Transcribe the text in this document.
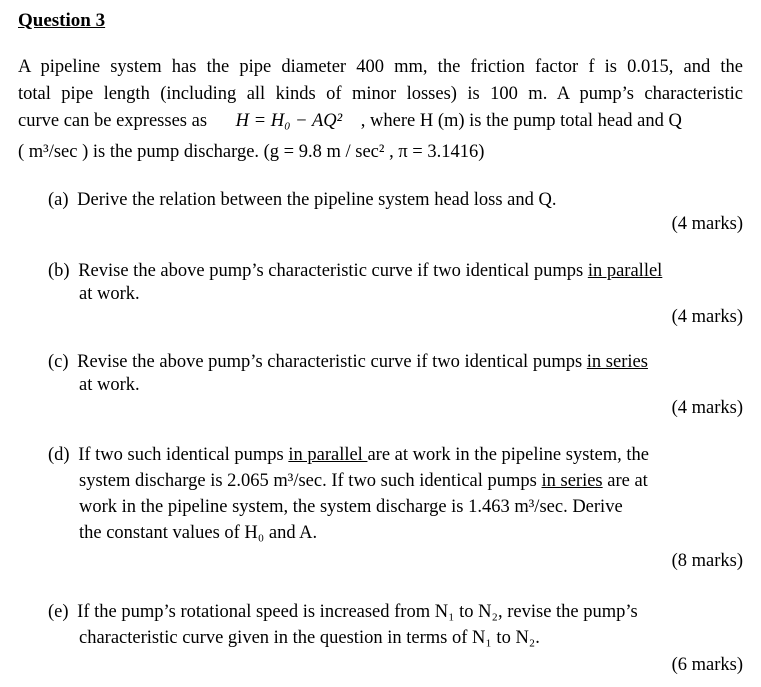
Question 3
A pipeline system has the pipe diameter 400 mm, the friction factor f is 0.015, and the
total pipe length (including all kinds of minor losses) is 100 m. A pump’s characteristic
curve can be expresses as H = H₀ − AQ² , where H (m) is the pump total head and Q
( m³/sec ) is the pump discharge. (g = 9.8 m / sec² , π = 3.1416)
(a) Derive the relation between the pipeline system head loss and Q.
(4 marks)
(b) Revise the above pump’s characteristic curve if two identical pumps in parallel
at work.
(4 marks)
(c) Revise the above pump’s characteristic curve if two identical pumps in series
at work.
(4 marks)
(d) If two such identical pumps in parallel are at work in the pipeline system, the
system discharge is 2.065 m³/sec. If two such identical pumps in series are at
work in the pipeline system, the system discharge is 1.463 m³/sec. Derive
the constant values of H₀ and A.
(8 marks)
(e) If the pump’s rotational speed is increased from N₁ to N₂, revise the pump’s
characteristic curve given in the question in terms of N₁ to N₂.
(6 marks)
